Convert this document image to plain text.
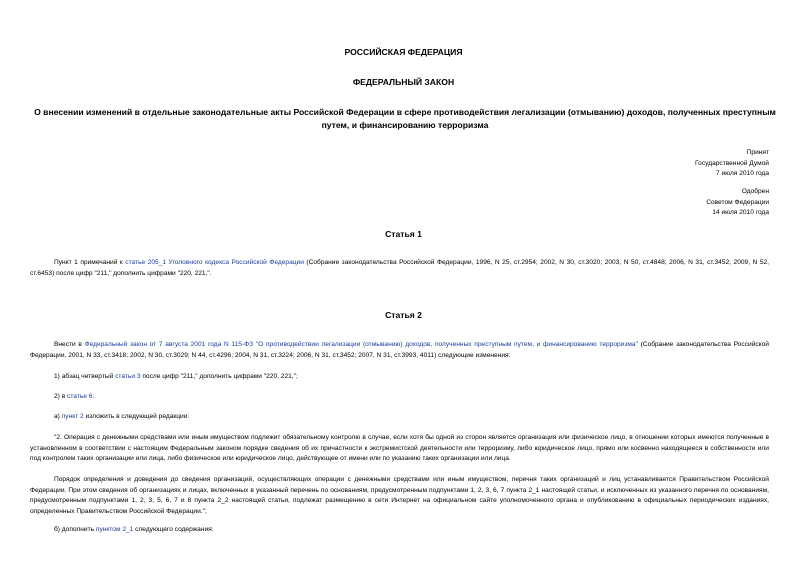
РОССИЙСКАЯ ФЕДЕРАЦИЯ
ФЕДЕРАЛЬНЫЙ ЗАКОН
О внесении изменений в отдельные законодательные акты Российской Федерации в сфере противодействия легализации (отмыванию) доходов, полученных преступным путем, и финансированию терроризма
Принят
Государственной Думой
7 июля 2010 года
Одобрен
Советом Федерации
14 июля 2010 года
Статья 1
Пункт 1 примечаний к статье 205_1 Уголовного кодекса Российской Федерации (Собрание законодательства Российской Федерации, 1996, N 25, ст.2954; 2002, N 30, ст.3020; 2003, N 50, ст.4848; 2006, N 31, ст.3452; 2009, N 52, ст.6453) после цифр "211," дополнить цифрами "220, 221,".
Статья 2
Внести в Федеральный закон от 7 августа 2001 года N 115-ФЗ "О противодействии легализации (отмыванию) доходов, полученных преступным путем, и финансированию терроризма" (Собрание законодательства Российской Федерации, 2001, N 33, ст.3418; 2002, N 30, ст.3029; N 44, ст.4296; 2004, N 31, ст.3224; 2006, N 31, ст.3452; 2007, N 31, ст.3993, 4011) следующие изменения:
1) абзац четвертый статьи 3 после цифр "211," дополнить цифрами "220, 221,";
2) в статье 6:
а) пункт 2 изложить в следующей редакции:
"2. Операция с денежными средствами или иным имуществом подлежит обязательному контролю в случае, если хотя бы одной из сторон является организация или физическое лицо, в отношении которых имеются полученные в установленном в соответствии с настоящим Федеральным законом порядке сведения об их причастности к экстремистской деятельности или терроризму, либо юридическое лицо, прямо или косвенно находящееся в собственности или под контролем таких организации или лица, либо физическое или юридическое лицо, действующее от имени или по указанию таких организации или лица.
Порядок определения и доведения до сведения организаций, осуществляющих операции с денежными средствами или иным имуществом, перечня таких организаций и лиц устанавливается Правительством Российской Федерации. При этом сведения об организациях и лицах, включенных в указанный перечень по основаниям, предусмотренным подпунктами 1, 2, 3, 6, 7 пункта 2_1 настоящей статьи, и исключенных из указанного перечня по основаниям, предусмотренным подпунктами 1, 2, 3, 5, 6, 7 и 8 пункта 2_2 настоящей статьи, подлежат размещению в сети Интернет на официальном сайте уполномоченного органа и опубликованию в официальных периодических изданиях, определенных Правительством Российской Федерации.";
б) дополнить пунктом 2_1 следующего содержания:
